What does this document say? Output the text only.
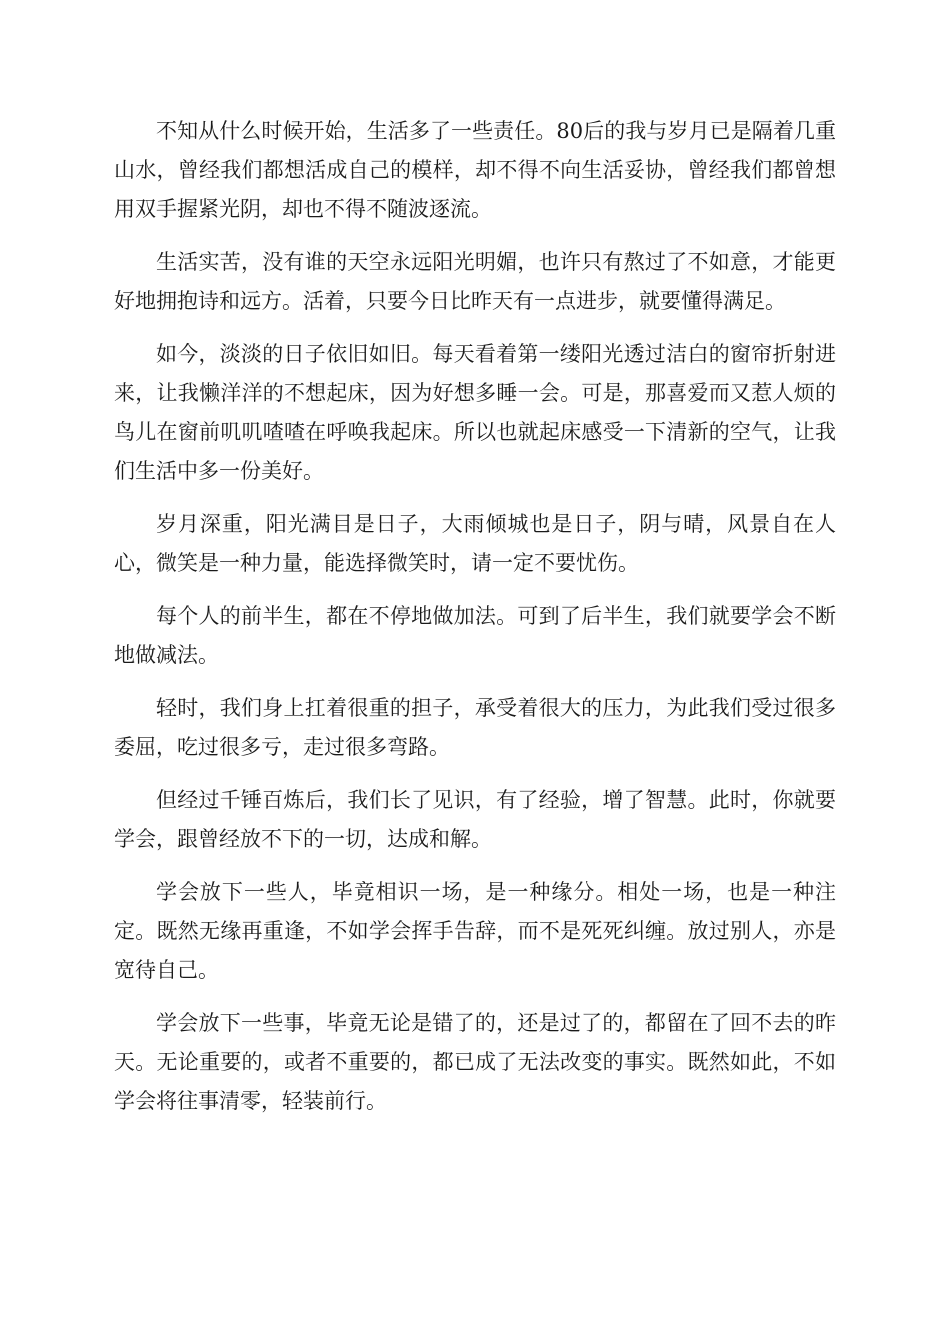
不知从什么时候开始，生活多了一些责任。80后的我与岁月已是隔着几重山水，曾经我们都想活成自己的模样，却不得不向生活妥协，曾经我们都曾想用双手握紧光阴，却也不得不随波逐流。

生活实苦，没有谁的天空永远阳光明媚，也许只有熬过了不如意，才能更好地拥抱诗和远方。活着，只要今日比昨天有一点进步，就要懂得满足。

如今，淡淡的日子依旧如旧。每天看着第一缕阳光透过洁白的窗帘折射进来，让我懒洋洋的不想起床，因为好想多睡一会。可是，那喜爱而又惹人烦的鸟儿在窗前叽叽喳喳在呼唤我起床。所以也就起床感受一下清新的空气，让我们生活中多一份美好。

岁月深重，阳光满目是日子，大雨倾城也是日子，阴与晴，风景自在人心，微笑是一种力量，能选择微笑时，请一定不要忧伤。

每个人的前半生，都在不停地做加法。可到了后半生，我们就要学会不断地做减法。

轻时，我们身上扛着很重的担子，承受着很大的压力，为此我们受过很多委屈，吃过很多亏，走过很多弯路。

但经过千锤百炼后，我们长了见识，有了经验，增了智慧。此时，你就要学会，跟曾经放不下的一切，达成和解。

学会放下一些人，毕竟相识一场，是一种缘分。相处一场，也是一种注定。既然无缘再重逢，不如学会挥手告辞，而不是死死纠缠。放过别人，亦是宽待自己。

学会放下一些事，毕竟无论是错了的，还是过了的，都留在了回不去的昨天。无论重要的，或者不重要的，都已成了无法改变的事实。既然如此，不如学会将往事清零，轻装前行。
